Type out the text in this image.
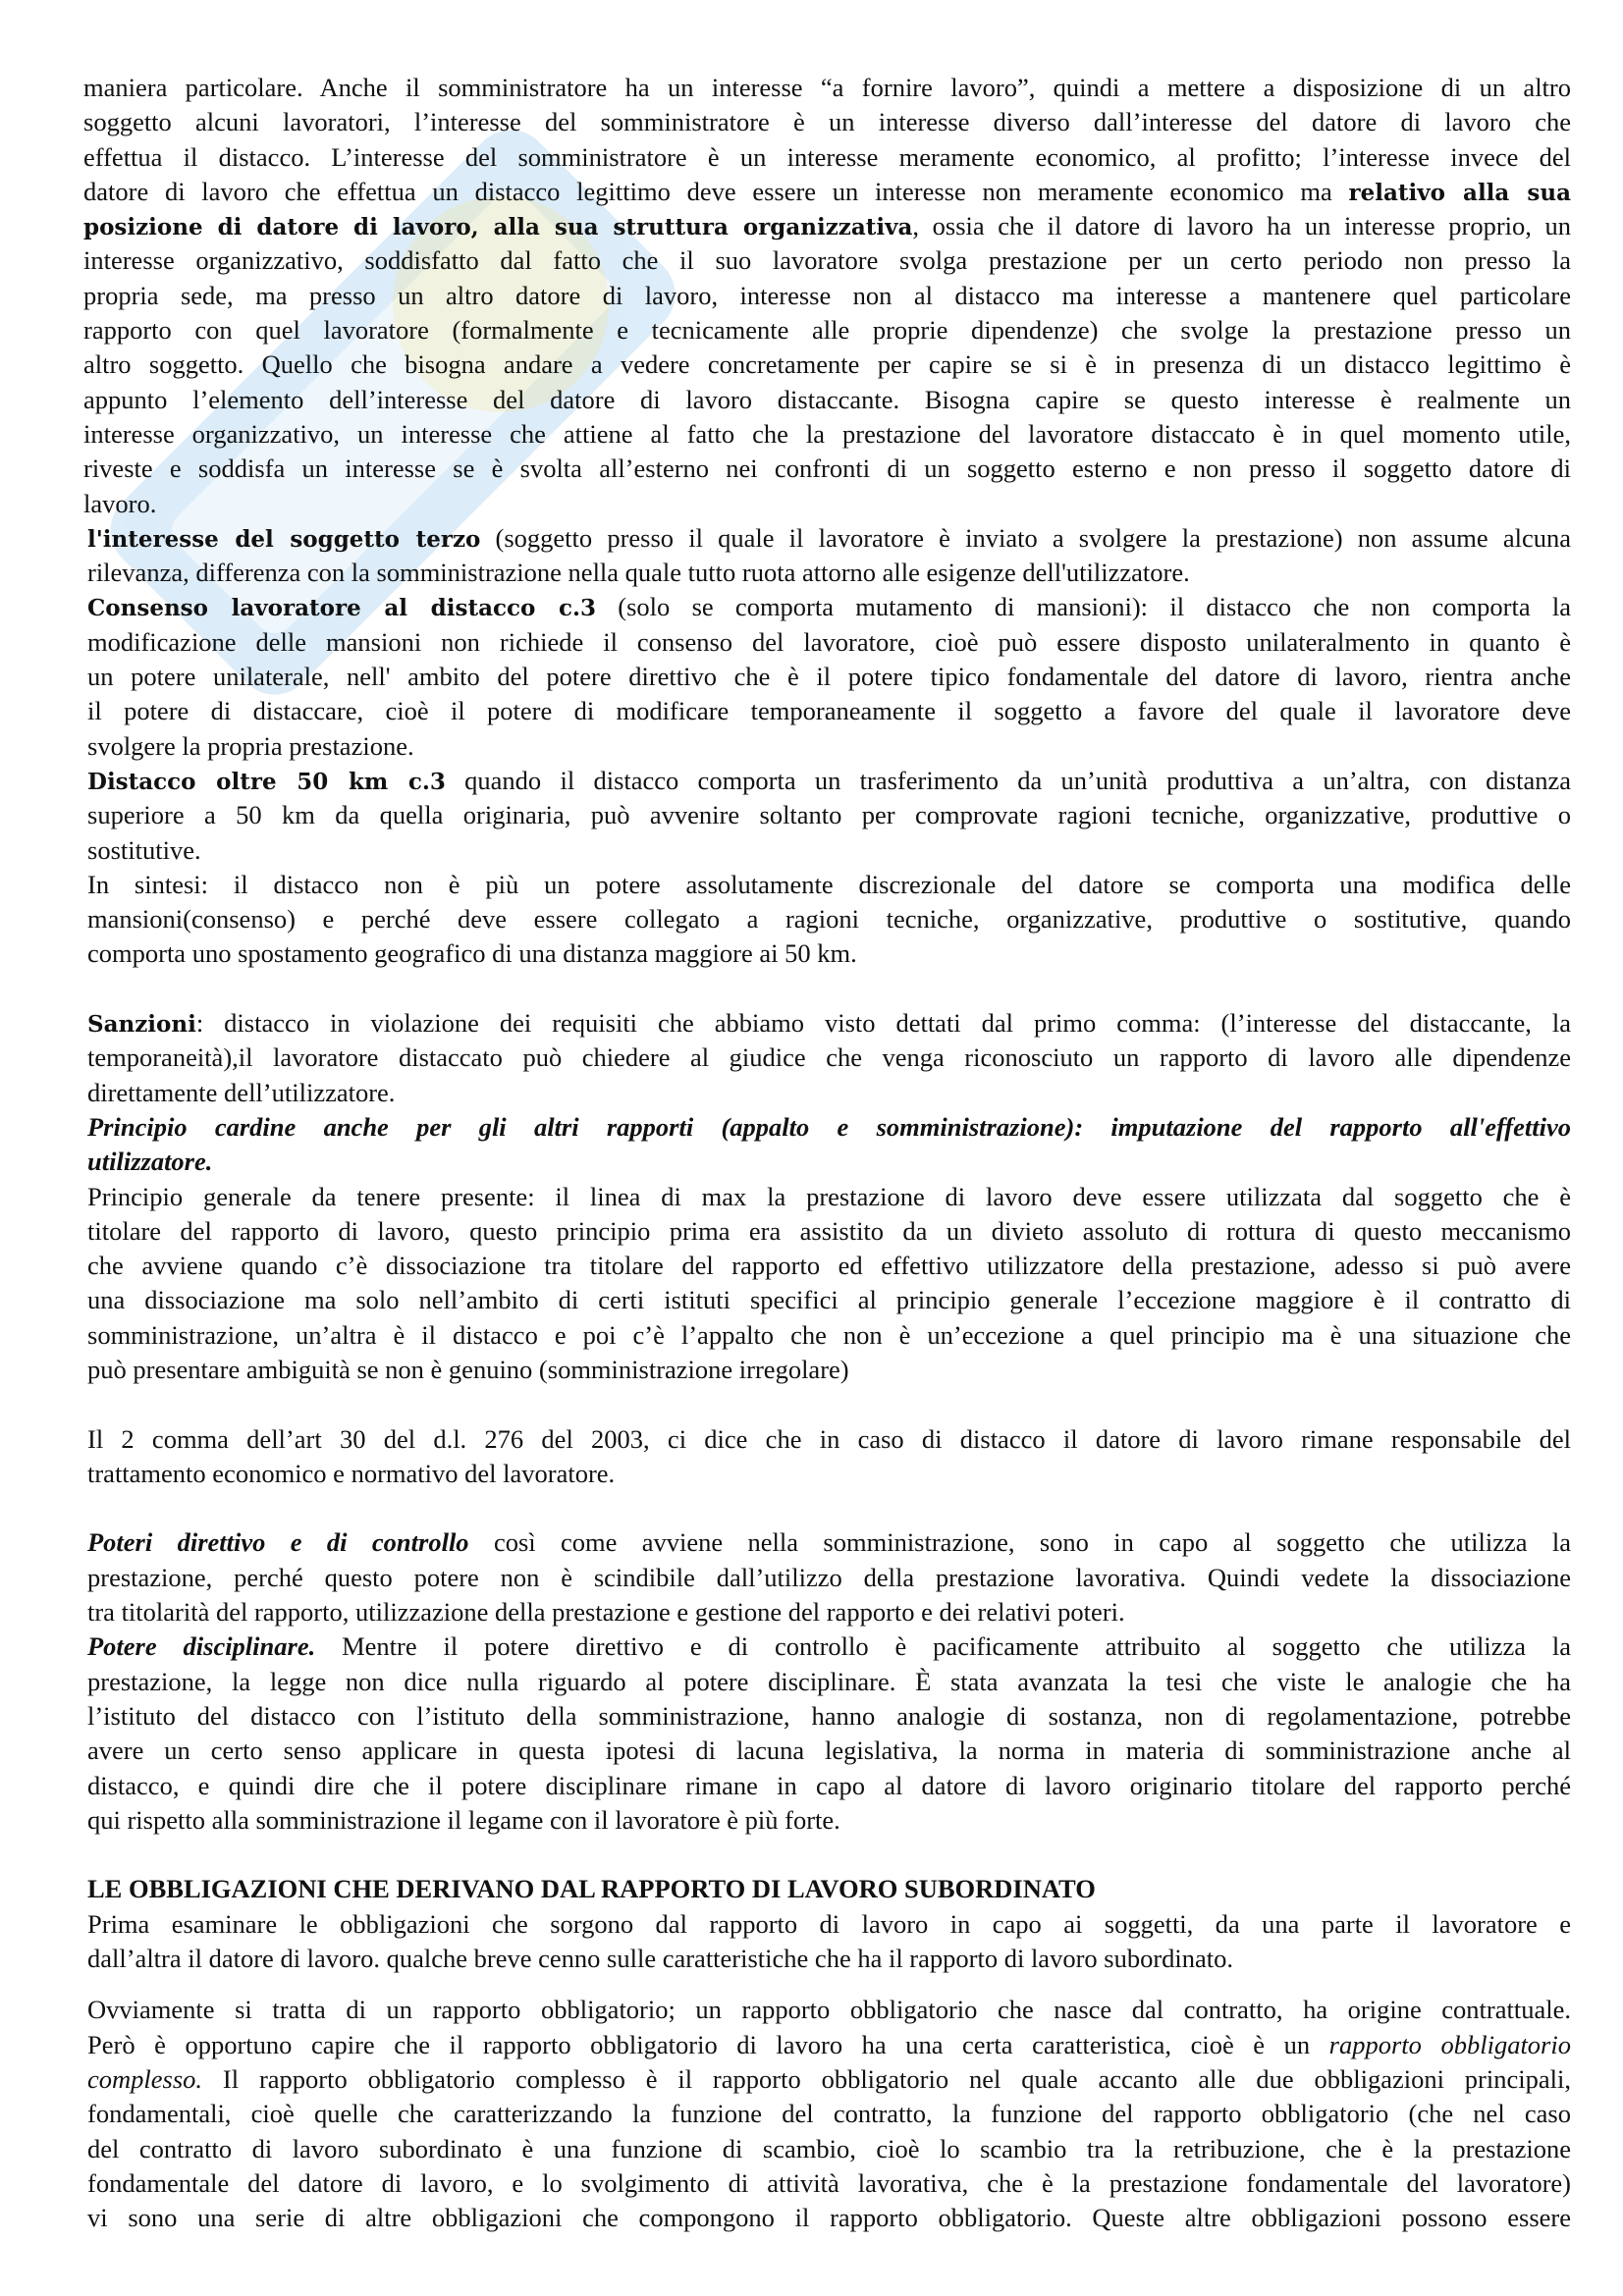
maniera particolare. Anche il somministratore ha un interesse “a fornire lavoro”, quindi a mettere a disposizione di un altro
soggetto alcuni lavoratori, l’interesse del somministratore è un interesse diverso dall’interesse del datore di lavoro che
effettua il distacco. L’interesse del somministratore è un interesse meramente economico, al profitto; l’interesse invece del
datore di lavoro che effettua un distacco legittimo deve essere un interesse non meramente economico ma relativo alla sua
posizione di datore di lavoro, alla sua struttura organizzativa, ossia che il datore di lavoro ha un interesse proprio, un
interesse organizzativo, soddisfatto dal fatto che il suo lavoratore svolga prestazione per un certo periodo non presso la
propria sede, ma presso un altro datore di lavoro, interesse non al distacco ma interesse a mantenere quel particolare
rapporto con quel lavoratore (formalmente e tecnicamente alle proprie dipendenze) che svolge la prestazione presso un
altro soggetto. Quello che bisogna andare a vedere concretamente per capire se si è in presenza di un distacco legittimo è
appunto l’elemento dell’interesse del datore di lavoro distaccante. Bisogna capire se questo interesse è realmente un
interesse organizzativo, un interesse che attiene al fatto che la prestazione del lavoratore distaccato è in quel momento utile,
riveste e soddisfa un interesse se è svolta all’esterno nei confronti di un soggetto esterno e non presso il soggetto datore di
lavoro.
l'interesse del soggetto terzo (soggetto presso il quale il lavoratore è inviato a svolgere la prestazione) non assume alcuna
rilevanza, differenza con la somministrazione nella quale tutto ruota attorno alle esigenze dell'utilizzatore.
Consenso lavoratore al distacco c.3 (solo se comporta mutamento di mansioni): il distacco che non comporta la
modificazione delle mansioni non richiede il consenso del lavoratore, cioè può essere disposto unilateralmento in quanto è
un potere unilaterale, nell' ambito del potere direttivo che è il potere tipico fondamentale del datore di lavoro, rientra anche
il potere di distaccare, cioè il potere di modificare temporaneamente il soggetto a favore del quale il lavoratore deve
svolgere la propria prestazione.
Distacco oltre 50 km c.3 quando il distacco comporta un trasferimento da un’unità produttiva a un’altra, con distanza
superiore a 50 km da quella originaria, può avvenire soltanto per comprovate ragioni tecniche, organizzative, produttive o
sostitutive.
In sintesi: il distacco non è più un potere assolutamente discrezionale del datore se comporta una modifica delle
mansioni(consenso) e perché deve essere collegato a ragioni tecniche, organizzative, produttive o sostitutive, quando
comporta uno spostamento geografico di una distanza maggiore ai 50 km.
Sanzioni: distacco in violazione dei requisiti che abbiamo visto dettati dal primo comma: (l’interesse del distaccante, la
temporaneità),il lavoratore distaccato può chiedere al giudice che venga riconosciuto un rapporto di lavoro alle dipendenze
direttamente dell’utilizzatore.
Principio cardine anche per gli altri rapporti (appalto e somministrazione): imputazione del rapporto all'effettivo
utilizzatore.
Principio generale da tenere presente: il linea di max la prestazione di lavoro deve essere utilizzata dal soggetto che è
titolare del rapporto di lavoro, questo principio prima era assistito da un divieto assoluto di rottura di questo meccanismo
che avviene quando c’è dissociazione tra titolare del rapporto ed effettivo utilizzatore della prestazione, adesso si può avere
una dissociazione ma solo nell’ambito di certi istituti specifici al principio generale l’eccezione maggiore è il contratto di
somministrazione, un’altra è il distacco e poi c’è l’appalto che non è un’eccezione a quel principio ma è una situazione che
può presentare ambiguità se non è genuino (somministrazione irregolare)
Il 2 comma dell’art 30 del d.l. 276 del 2003, ci dice che in caso di distacco il datore di lavoro rimane responsabile del
trattamento economico e normativo del lavoratore.
Poteri direttivo e di controllo così come avviene nella somministrazione, sono in capo al soggetto che utilizza la
prestazione, perché questo potere non è scindibile dall’utilizzo della prestazione lavorativa. Quindi vedete la dissociazione
tra titolarità del rapporto, utilizzazione della prestazione e gestione del rapporto e dei relativi poteri.
Potere disciplinare. Mentre il potere direttivo e di controllo è pacificamente attribuito al soggetto che utilizza la
prestazione, la legge non dice nulla riguardo al potere disciplinare. È stata avanzata la tesi che viste le analogie che ha
l’istituto del distacco con l’istituto della somministrazione, hanno analogie di sostanza, non di regolamentazione, potrebbe
avere un certo senso applicare in questa ipotesi di lacuna legislativa, la norma in materia di somministrazione anche al
distacco, e quindi dire che il potere disciplinare rimane in capo al datore di lavoro originario titolare del rapporto perché
qui rispetto alla somministrazione il legame con il lavoratore è più forte.
LE OBBLIGAZIONI CHE DERIVANO DAL RAPPORTO DI LAVORO SUBORDINATO
Prima esaminare le obbligazioni che sorgono dal rapporto di lavoro in capo ai soggetti, da una parte il lavoratore e
dall’altra il datore di lavoro. qualche breve cenno sulle caratteristiche che ha il rapporto di lavoro subordinato.
Ovviamente si tratta di un rapporto obbligatorio; un rapporto obbligatorio che nasce dal contratto, ha origine contrattuale.
Però è opportuno capire che il rapporto obbligatorio di lavoro ha una certa caratteristica, cioè è un rapporto obbligatorio
complesso. Il rapporto obbligatorio complesso è il rapporto obbligatorio nel quale accanto alle due obbligazioni principali,
fondamentali, cioè quelle che caratterizzando la funzione del contratto, la funzione del rapporto obbligatorio (che nel caso
del contratto di lavoro subordinato è una funzione di scambio, cioè lo scambio tra la retribuzione, che è la prestazione
fondamentale del datore di lavoro, e lo svolgimento di attività lavorativa, che è la prestazione fondamentale del lavoratore)
vi sono una serie di altre obbligazioni che compongono il rapporto obbligatorio. Queste altre obbligazioni possono essere
